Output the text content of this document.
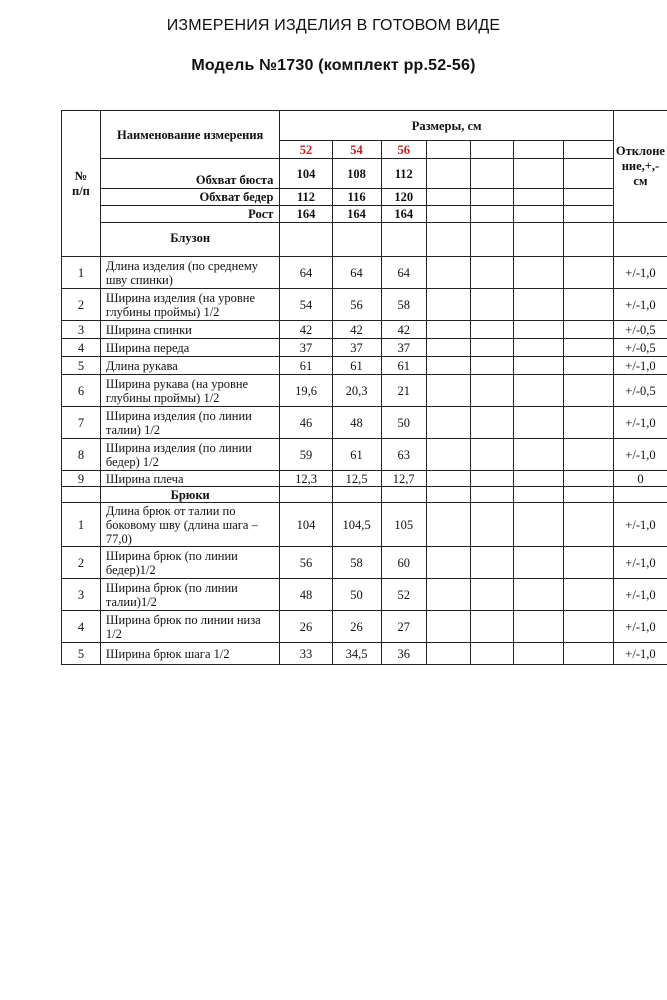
ИЗМЕРЕНИЯ ИЗДЕЛИЯ В ГОТОВОМ ВИДЕ
Модель №1730 (комплект рр.52-56)
№
п/п	Наименование измерения	Размеры, см							Отклоне
ние,+,-
см
		52	54	56					
	Обхват бюста	104	108	112					
	Обхват бедер	112	116	120					
	Рост	164	164	164					
	Блузон								
1	Длина изделия (по среднему шву спинки)	64	64	64					+/-1,0
2	Ширина изделия (на уровне глубины проймы) 1/2	54	56	58					+/-1,0
3	Ширина спинки	42	42	42					+/-0,5
4	Ширина переда	37	37	37					+/-0,5
5	Длина рукава	61	61	61					+/-1,0
6	Ширина рукава (на уровне глубины проймы) 1/2	19,6	20,3	21					+/-0,5
7	Ширина изделия (по линии талии) 1/2	46	48	50					+/-1,0
8	Ширина изделия (по линии бедер) 1/2	59	61	63					+/-1,0
9	Ширина плеча	12,3	12,5	12,7					0
	Брюки								
1	Длина брюк от талии по боковому шву (длина шага – 77,0)	104	104,5	105					+/-1,0
2	Ширина брюк (по линии бедер)1/2	56	58	60					+/-1,0
3	Ширина брюк (по линии талии)1/2	48	50	52					+/-1,0
4	Ширина брюк по линии низа 1/2	26	26	27					+/-1,0
5	Ширина брюк шага 1/2	33	34,5	36					+/-1,0
